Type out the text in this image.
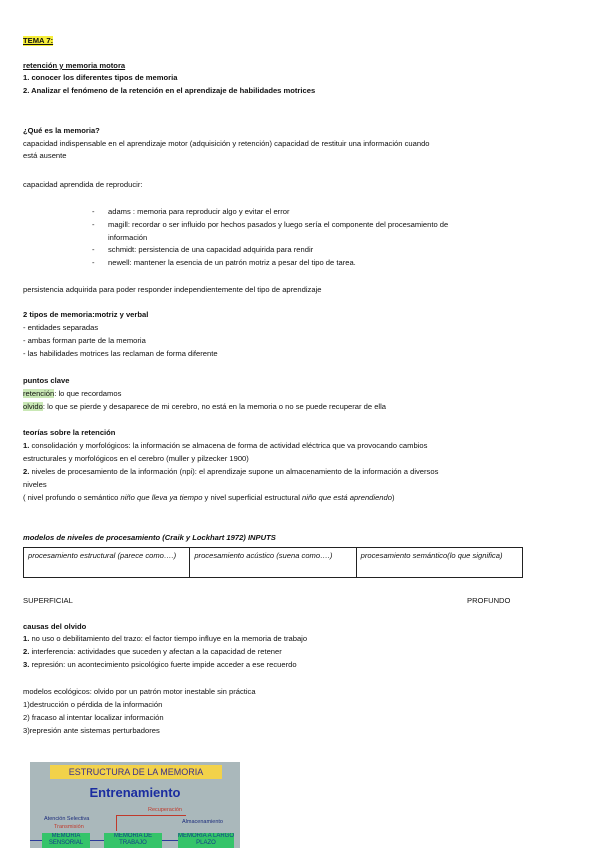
TEMA 7:
retención y memoria motora
1. conocer los diferentes tipos de memoria
2. Analizar el fenómeno de la retención en el aprendizaje de habilidades motrices
¿Qué es la memoria?
capacidad indispensable en el aprendizaje motor (adquisición y retención) capacidad de restituir una información cuando
está ausente
capacidad aprendida de reproducir:
- adams : memoria para reproducir algo y evitar el error
- magill: recordar o ser influido por hechos pasados y luego sería el componente del procesamiento de
información
- schmidt: persistencia de una capacidad adquirida para rendir
- newell: mantener la esencia de un patrón motriz a pesar del tipo de tarea.
persistencia adquirida para poder responder independientemente del tipo de aprendizaje
2 tipos de memoria:motriz y verbal
- entidades separadas
- ambas forman parte de la memoria
- las habilidades motrices las reclaman de forma diferente
puntos clave
retención: lo que recordamos
olvido: lo que se pierde y desaparece de mi cerebro, no está en la memoria o no se puede recuperar de ella
teorías sobre la retención
1. consolidación y morfológicos: la información se almacena de forma de actividad eléctrica que va provocando cambios
estructurales y morfológicos en el cerebro (muller y pilzecker 1900)
2. niveles de procesamiento de la información (npi): el aprendizaje supone un almacenamiento de la información a diversos
niveles
( nivel profundo o semántico niño que lleva ya tiempo y nivel superficial estructural niño que está aprendiendo)
modelos de niveles de procesamiento (Craik y Lockhart 1972) INPUTS
procesamiento estructural (parece como….)	procesamiento acústico (suena como….)	procesamiento semántico(lo que significa)
SUPERFICIAL	PROFUNDO
causas del olvido
1. no uso o debilitamiento del trazo: el factor tiempo influye en la memoria de trabajo
2. interferencia: actividades que suceden y afectan a la capacidad de retener
3. represión: un acontecimiento psicológico fuerte impide acceder a ese recuerdo
modelos ecológicos: olvido por un patrón motor inestable sin práctica
1)destrucción o pérdida de la información
2) fracaso al intentar localizar información
3)represión ante sistemas perturbadores
ESTRUCTURA DE LA MEMORIA
Entrenamiento
Recuperación
Atención Selectiva
Transmisión
Almacenamiento
MEMORIA SENSORIAL
MEMORIA DE TRABAJO
MEMORIA A LARGO PLAZO
